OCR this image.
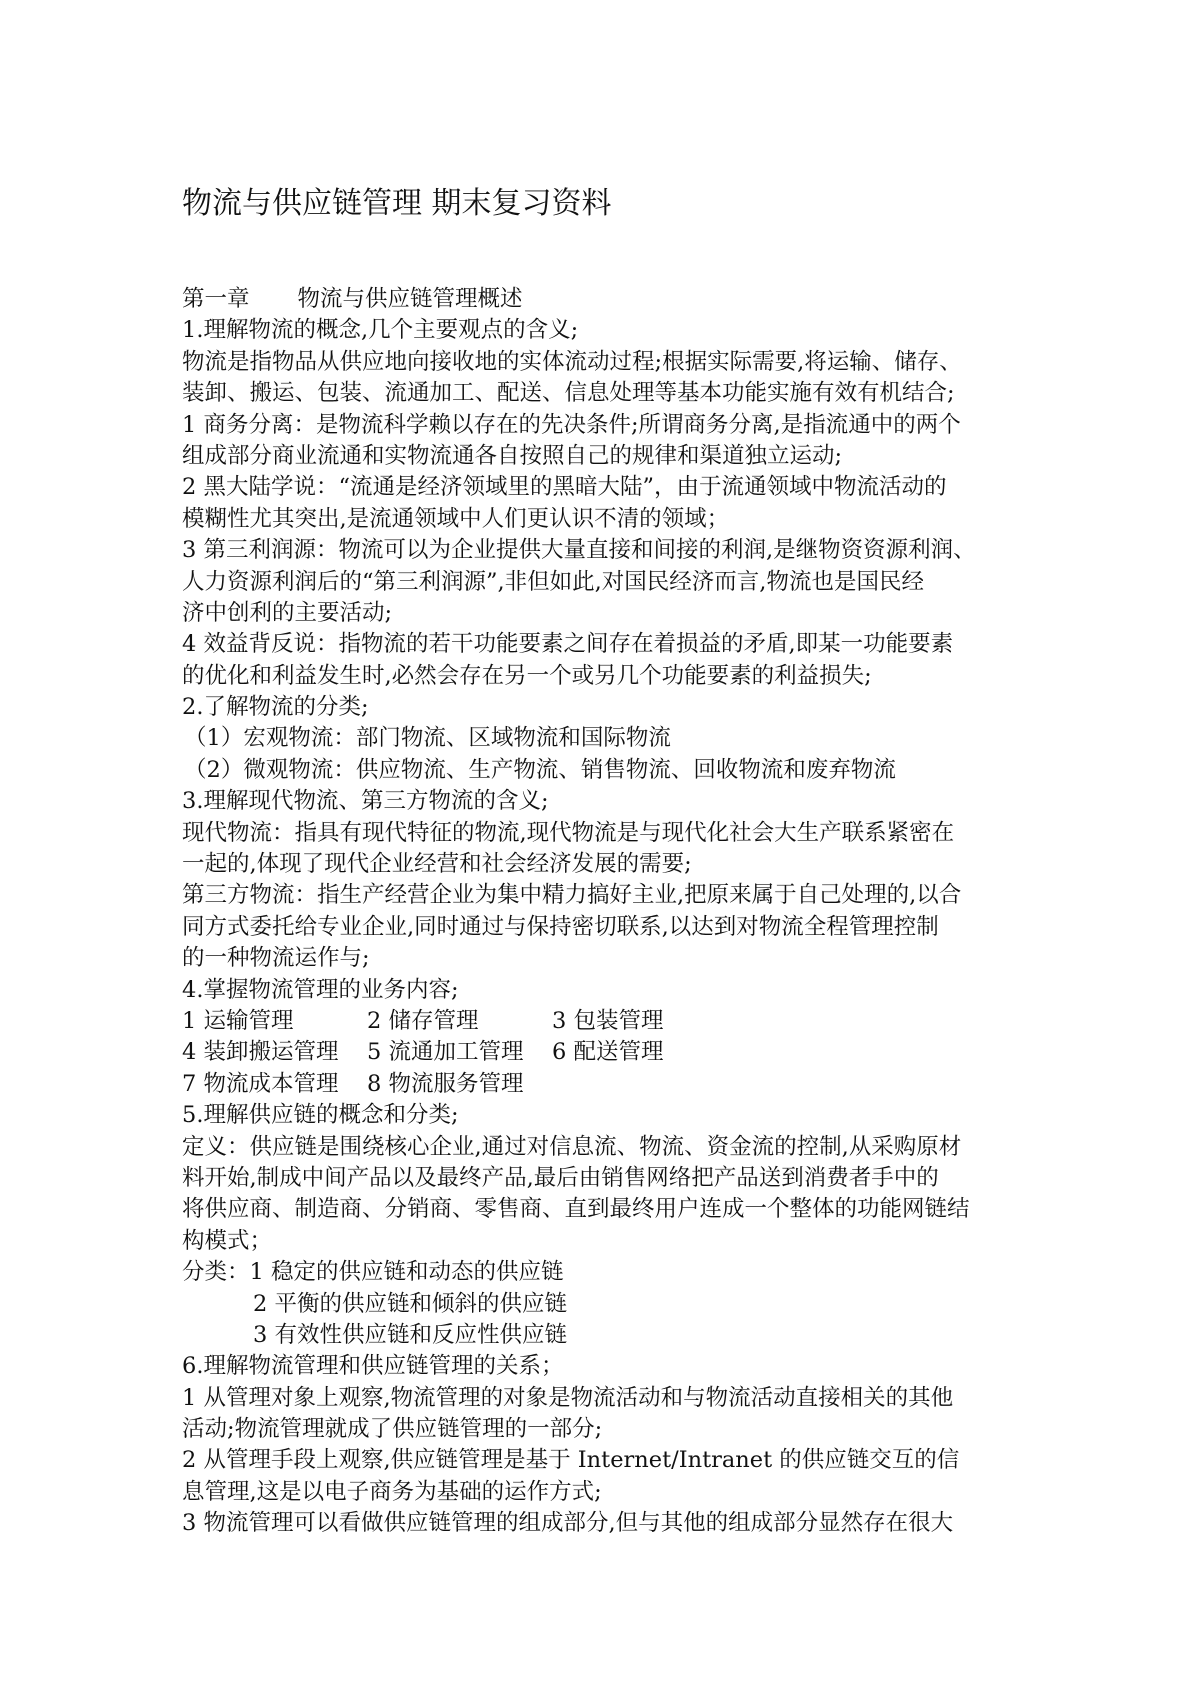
物流与供应链管理 期末复习资料
第一章 物流与供应链管理概述
1.理解物流的概念,几个主要观点的含义;
物流是指物品从供应地向接收地的实体流动过程;根据实际需要,将运输、储存、
装卸、搬运、包装、流通加工、配送、信息处理等基本功能实施有效有机结合;
1 商务分离：是物流科学赖以存在的先决条件;所谓商务分离,是指流通中的两个
组成部分商业流通和实物流通各自按照自己的规律和渠道独立运动;
2 黑大陆学说：“流通是经济领域里的黑暗大陆”，由于流通领域中物流活动的
模糊性尤其突出,是流通领域中人们更认识不清的领域；
3 第三利润源：物流可以为企业提供大量直接和间接的利润,是继物资资源利润、
人力资源利润后的“第三利润源”,非但如此,对国民经济而言,物流也是国民经
济中创利的主要活动;
4 效益背反说：指物流的若干功能要素之间存在着损益的矛盾,即某一功能要素
的优化和利益发生时,必然会存在另一个或另几个功能要素的利益损失;
2.了解物流的分类;
（1）宏观物流：部门物流、区域物流和国际物流
（2）微观物流：供应物流、生产物流、销售物流、回收物流和废弃物流
3.理解现代物流、第三方物流的含义;
现代物流：指具有现代特征的物流,现代物流是与现代化社会大生产联系紧密在
一起的,体现了现代企业经营和社会经济发展的需要;
第三方物流：指生产经营企业为集中精力搞好主业,把原来属于自己处理的,以合
同方式委托给专业企业,同时通过与保持密切联系,以达到对物流全程管理控制
的一种物流运作与;
4.掌握物流管理的业务内容;
1 运输管理	2 储存管理	3 包装管理
4 装卸搬运管理 5 流通加工管理 6 配送管理
7 物流成本管理 8 物流服务管理
5.理解供应链的概念和分类;
定义：供应链是围绕核心企业,通过对信息流、物流、资金流的控制,从采购原材
料开始,制成中间产品以及最终产品,最后由销售网络把产品送到消费者手中的
将供应商、制造商、分销商、零售商、直到最终用户连成一个整体的功能网链结
构模式；
分类：1 稳定的供应链和动态的供应链
2 平衡的供应链和倾斜的供应链
3 有效性供应链和反应性供应链
6.理解物流管理和供应链管理的关系；
1 从管理对象上观察,物流管理的对象是物流活动和与物流活动直接相关的其他
活动;物流管理就成了供应链管理的一部分;
2 从管理手段上观察,供应链管理是基于 Internet/Intranet 的供应链交互的信
息管理,这是以电子商务为基础的运作方式;
3 物流管理可以看做供应链管理的组成部分,但与其他的组成部分显然存在很大
